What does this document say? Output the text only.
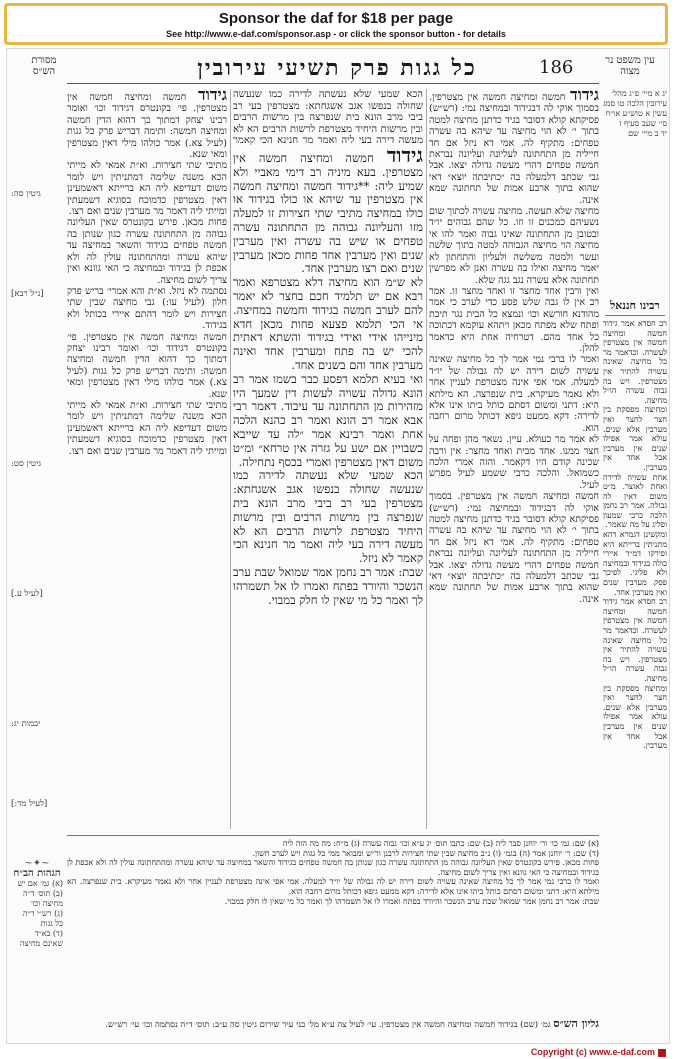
Sponsor the daf for $18 per page
See http://www.e-daf.com/sponsor.asp - or click the sponsor button - for details
מסורת הש״ס	כל גגות פרק תשיעי עירובין	186	עין משפט נר מצוה
גיטין סה:
[נ״ל רבא]
גיטין סט:
[לעיל ע.]
יבמות יג:
[לעיל מד:]
~✦~
הגהות הב״ח
(א) גמ׳ אם יש
(ב) תוס׳ ד״ה
מחיצה וכו׳
(ג) רש״י ד״ה
כל גגות
(ד) בא״ד
שאינם מחיצה

גידוד חמשה ומחיצה חמשה אין מצטרפין. פי׳ בקונטרס דגידוד וכו׳ ואומר רבינו יצחק דמתוך כך דהוא הדין חמשה ומחיצה חמשה: ותימה דבריש פרק כל גגות (לעיל צא.) אמר כולהו מילי דאין מצטרפין ומאי שנא.

מתיבי שתי חצירות. וא״ת אמאי לא מייתי הכא משנה שלימה דמתניתין ויש לומר משום דעדיפא ליה הא ברייתא דאשמעינן דאין מצטרפין כדמוכח בסוגיא דשמעתין ומייתי ליה דאמר מר מערבין שנים ואם רצו.

פחות מכאן. פירש בקונטרס שאין העליונה גבוהה מן התחתונה עשרה כגון שנותן בה חמשה טפחים בגידוד והשאר במחיצה עד שיהא עשרה ומהתחתונה עולין לה ולא אכפת לן בגידוד ובמחיצה כי האי גוונא ואין צריך לשום מחיצה.

נסתמה לא ניזל. וא״ת והא אמרי׳ בריש פרק חלון (לעיל עו:) גבי מחיצה שבין שתי חצירות ויש לומר דהתם איירי בכותל ולא בגידוד.

חמשה ומחיצה חמשה אין מצטרפין. פי׳ בקונטרס דגידוד וכו׳ ואומר רבינו יצחק דמתוך כך דהוא הדין חמשה ומחיצה חמשה: ותימה דבריש פרק כל גגות (לעיל צא.) אמר כולהו מילי דאין מצטרפין ומאי שנא.

מתיבי שתי חצירות. וא״ת אמאי לא מייתי הכא משנה שלימה דמתניתין ויש לומר משום דעדיפא ליה הא ברייתא דאשמעינן דאין מצטרפין כדמוכח בסוגיא דשמעתין ומייתי ליה דאמר מר מערבין שנים ואם רצו.

גידוד חמשה ומחיצה חמשה אין מצטרפין. בעא מיניה רב דימי מאביי ולא שמיע ליה: **גידוד חמשה ומחיצה חמשה אין מצטרפין עד שיהא או כולו בגידוד או כולו במחיצה מתיבי שתי חצירות זו למעלה מזו והעליונה גבוהה מן התחתונה עשרה טפחים או שיש בה עשרה ואין מערבין שנים ואין מערבין אחד פחות מכאן מערבין שנים ואם רצו מערבין אחד.

לא ש״מ הוא מחיצה דלא מצטרפא ואמר רבא אם יש תלמיד חכם בחצר לא יאמר להם לערב חמשה בגידוד וחמשה במחיצה. אי הכי תלמא פצעא פחות מכאן חדא מינייהו אידי ואידי בגידוד והשתא דאתית להכי יש בה פתח ומערבין אחד ואינה מערבין אחד והם בשנים אחד.

ואי בעיא תלמא דפסע כבר בשמו אמר רב הונא גדולה עשויה לעשות דין שמעך היו מזהירות מן התחתונה עד עיבוד. דאמר רבי אבא אמר רב הונא ואמר רב כהנא הלכה אחת ואמר רבינא אמר ״לה עד שייבא כשבויין אם ישע על גזרה אין טרחא״ ומ״ט משום דאין מצטרפין ואמרי בכסף נתחילה.

הכא שמעי שלא נעשתה לדירה כמו שנעשה שחולה בנפשו אגב אשגחתא: מצטרפין בעי רב ביבי מרב הונא בית שנפרצה בין מרשות הרבים ובין מרשות היחיד מצטרפת לרשות הרבים הא לא מעשה דירה בעי ליה ואמר מר חנינא הכי קאמר לא ניזל.

שבת: אמר רב נחמן אמר שמואל שבת ערב הנשכר והיורד בפתח ואמרו לו אל תשמרהו לך ואמר כל מי שאין לו חלק במבוי.

גידוד חמשה ומחיצה חמשה אין מצטרפין. בסמוך אוקי לה דבגידוד ובמחיצה נמי: (רש״ש) פסיקתא קולא דסובר בגיד כדתנן מחיצה למטה בתוך י׳ לא הוי מחיצה עד שיהא בה עשרה טפחים: מתקיף לה. אמי דא ניזל אם חד חייליה מן התחתונה לעליונה ועליונה נבראת חמשה טפחים דהרי מעשה גדולה יצאו. אבל גבי שכתב דלמעלה בה ״כתיבתה יוצא״ דאי שהוא בתוך ארבע אמות של תחתונה שמא אינה.

מחיצה שלא תעשה. מחיצה עשויה לכתוך שום נשעיהם כמכנים זו וזו. כל שהם גבוהים יו״ד ובטובן מן התחתונה שאינו גבוה ואמר להו אי מחיצה הוי מחיצה הגבוהה למטה בתוך שלשה ועשר ולמטה משלשה ולעליון והתחתון לא יאמר מחיצה ואילו בה עשרה ואנן לא מפרשין תחתונה אלא עשרה נגב גגה שלא.

ואין ורבין אחד מחצר זו ואחד מחצר זו. אמר רב אין לו גבה שלש פסע כדי לערב כי אמר מהודנא חורשא וכו׳ ונמצא כל הבית נגר תיבת ופתח שלא מפתח מכאן ויתהא עוקמא דכתוכה כל אחד מהם. דטרחיה אחת היא כדאמר להלן.

ואמר לו ברבי נמי אמר לך כל מחיצה שאינה עשויה לשום דירה יש לה גבולה של יו״ד למעלה. אמי אפי אינה מצטרפת לעניין אחר ולא נאמר מעיקרא. בית שנפרצה. הא מילתא היא: דתני ומשום דסתם כותל ביתו אינו אלא לדירה: דקא ממעט גיפא דכותל מרום רחבה הוא.

לא אמר מר כעולא. עיין. נשאר מהן ופחה על חצר ממנו. אחד מבית ואחד מחצר: אין ורבה שכינה קודם היו דקאמר. והזה אמרי הלכה כשמואל. והלכה כרבי ששמע לעיל מפרש לעיל.

חמשה ומחיצה חמשה אין מצטרפין. בסמוך אוקי לה דבגידוד ובמחיצה נמי: (רש״ש) פסיקתא קולא דסובר בגיד כדתנן מחיצה למטה בתוך י׳ לא הוי מחיצה עד שיהא בה עשרה טפחים: מתקיף לה. אמי דא ניזל אם חד חייליה מן התחתונה לעליונה ועליונה נבראת חמשה טפחים דהרי מעשה גדולה יצאו. אבל גבי שכתב דלמעלה בה ״כתיבתה יוצא״ דאי שהוא בתוך ארבע אמות של תחתונה שמא אינה.

הכא שמעי שלא נעשתה לדירה כמו שנעשה שחולה בנפשו אגב אשגחתא: מצטרפין בעי רב ביבי מרב הונא בית שנפרצה בין מרשות הרבים ובין מרשות היחיד מצטרפת לרשות הרבים הא לא מעשה דירה בעי ליה ואמר מר חנינא הכי קאמר

יג א מיי׳ פ״ג מהל׳ עירובין הלכה טו סמג עשין א טוש״ע או״ח סי׳ שעב סעיף ז
יד ב מיי׳ שם
רבינו חננאל

רב חסדא אמר גידוד חמשה ומחיצה חמשה אין מצטרפין לעשרה. וכדאמר מר כל מחיצה שאינה עשויה להתיר אין מצטרפין. ויש בה גבוה עשרה הו״ל מחיצה.

ומחיצה מפסקת בין חצר לחצר ואין מערבין אלא שנים. עולא אמר אפילו שנים אין מערבין אבל אחד אין מערבין.

אחת עשויה לדירה ואחת לאוצר. מ״ט משום דאין לה גבולה. אמר רב נחמן הלכה כרבי שמעון ופליג על מה שאמר.

ומקשינן דגמרא דהא מתניתין ברייתא היא ופירקו דמ״ד איירי כולה בגידוד ובמחיצה ולא פליגי. לפיכך פסק מערבין שנים ואין מערבין אחד.

רב חסדא אמר גידוד חמשה ומחיצה חמשה אין מצטרפין לעשרה. וכדאמר מר כל מחיצה שאינה עשויה להתיר אין מצטרפין. ויש בה גבוה עשרה הו״ל מחיצה.

ומחיצה מפסקת בין חצר לחצר ואין מערבין אלא שנים. עולא אמר אפילו שנים אין מערבין אבל אחד אין מערבין.

(א) שם: גמ׳ כו׳ ור׳ יוחנן סבר ליה (ב) שם: כתבו תוס׳ יג ע״א וכו׳ גבוה עשרה (ג) מ״ח: מה מה הוה ליה

(ד) שם: ר׳ יוחנן אמר (ה) בגמ׳ (ו) נ״ב מחיצה שבין שתי חצירות לרבנן ור״ש ומבואר ממי כל גגות ויש לערב חשון.

פחות מכאן. פירש בקונטרס שאין העליונה גבוהה מן התחתונה עשרה כגון שנותן בה חמשה טפחים בגידוד והשאר במחיצה עד שיהא עשרה ומהתחתונה עולין לה ולא אכפת לן בגידוד ובמחיצה כי האי גוונא ואין צריך לשום מחיצה.

ואמר לו ברבי נמי אמר לך כל מחיצה שאינה עשויה לשום דירה יש לה גבולה של יו״ד למעלה. אמי אפי אינה מצטרפת לעניין אחר ולא נאמר מעיקרא. בית שנפרצה. הא מילתא היא: דתני ומשום דסתם כותל ביתו אינו אלא לדירה: דקא ממעט גיפא דכותל מרום רחבה הוא.

שבת: אמר רב נחמן אמר שמואל שבת ערב הנשכר והיורד בפתח ואמרו לו אל תשמרהו לך ואמר כל מי שאין לו חלק במבוי.

גליון הש״ס גמ׳ (שם) בגידוד חמשה ומחיצה חמשה אין מצטרפין. עי׳ לעיל צה ע״א מל׳ בני עיר שירום גיטין סה ע״ב: תוס׳ ד״ה נסתמה וכו׳ עי׳ רש״ש.
Copyright (c) www.e-daf.com
